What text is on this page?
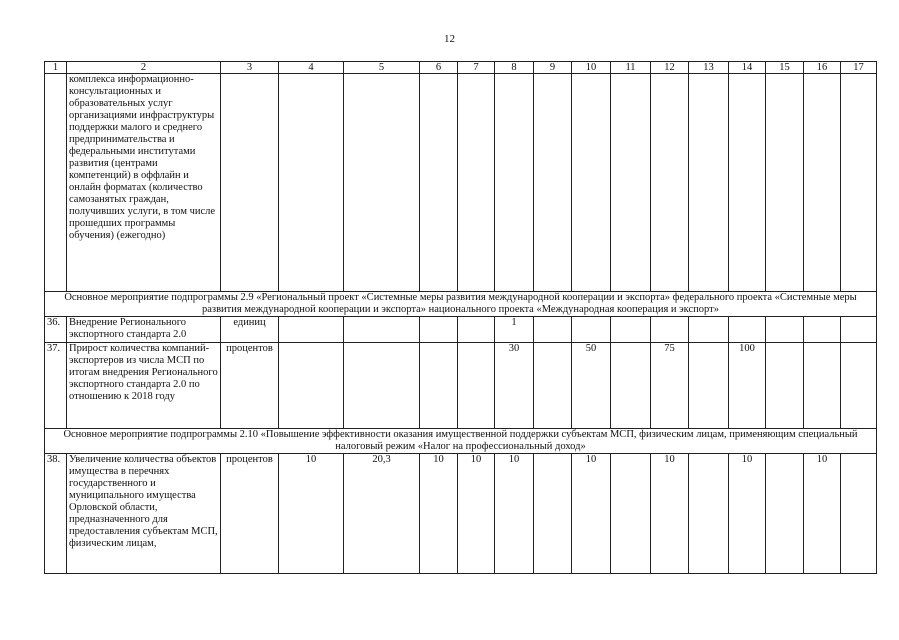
12
1	2	3	4	5	6	7	8	9	10	11	12	13	14	15	16	17
	комплекса информационно-консультационных и образовательных услуг организациями инфраструктуры поддержки малого и среднего предпринимательства и федеральными институтами развития (центрами компетенций) в оффлайн и онлайн форматах (количество самозанятых граждан, получивших услуги, в том числе прошедших программы обучения) (ежегодно)															
Основное мероприятие подпрограммы 2.9 «Региональный проект «Системные меры развития международной кооперации и экспорта» федерального проекта «Системные меры развития международной кооперации и экспорта» национального проекта «Международная кооперация и экспорт»																
36.	Внедрение Регионального экспортного стандарта 2.0	единиц					1									
37.	Прирост количества компаний-экспортеров из числа МСП по итогам внедрения Регионального экспортного стандарта 2.0 по отношению к 2018 году	процентов					30		50		75		100			
Основное мероприятие подпрограммы 2.10 «Повышение эффективности оказания имущественной поддержки субъектам МСП, физическим лицам, применяющим специальный налоговый режим «Налог на профессиональный доход»																
38.	Увеличение количества объектов имущества в перечнях государственного и муниципального имущества Орловской области, предназначенного для предоставления субъектам МСП, физическим лицам,	процентов	10	20,3	10	10	10		10		10		10		10	
